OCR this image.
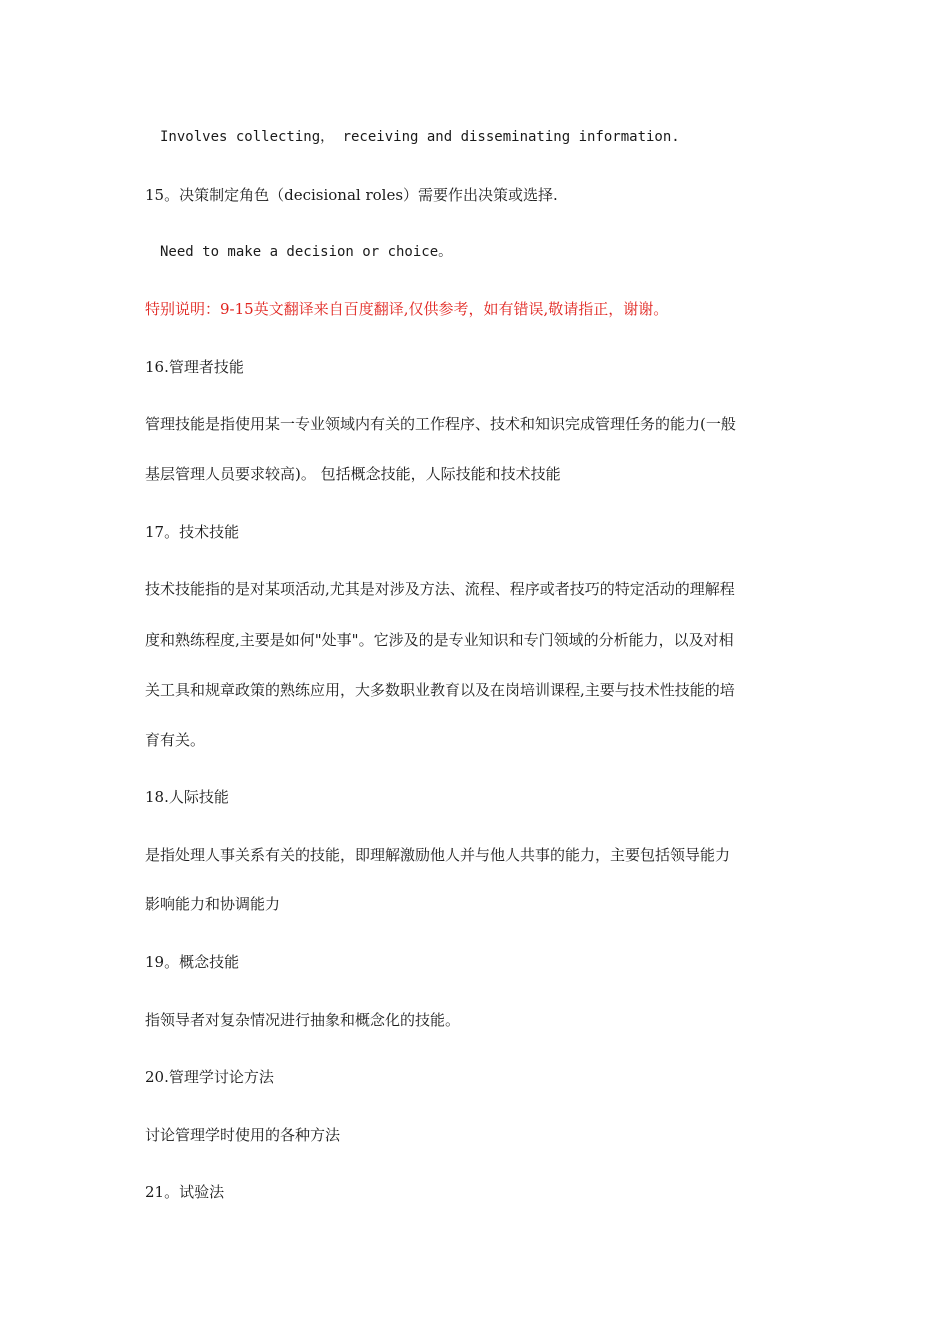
Involves collecting， receiving and disseminating information.

15。决策制定角色（decisional roles）需要作出决策或选择.

Need to make a decision or choice。

特别说明：9-15英文翻译来自百度翻译,仅供参考，如有错误,敬请指正，谢谢。

16.管理者技能

管理技能是指使用某一专业领域内有关的工作程序、技术和知识完成管理任务的能力(一般

基层管理人员要求较高)。 包括概念技能，人际技能和技术技能

17。技术技能

技术技能指的是对某项活动,尤其是对涉及方法、流程、程序或者技巧的特定活动的理解程

度和熟练程度,主要是如何"处事"。它涉及的是专业知识和专门领域的分析能力，以及对相

关工具和规章政策的熟练应用，大多数职业教育以及在岗培训课程,主要与技术性技能的培

育有关。

18.人际技能

是指处理人事关系有关的技能，即理解激励他人并与他人共事的能力，主要包括领导能力

影响能力和协调能力

19。概念技能

指领导者对复杂情况进行抽象和概念化的技能。

20.管理学讨论方法

讨论管理学时使用的各种方法

21。试验法
